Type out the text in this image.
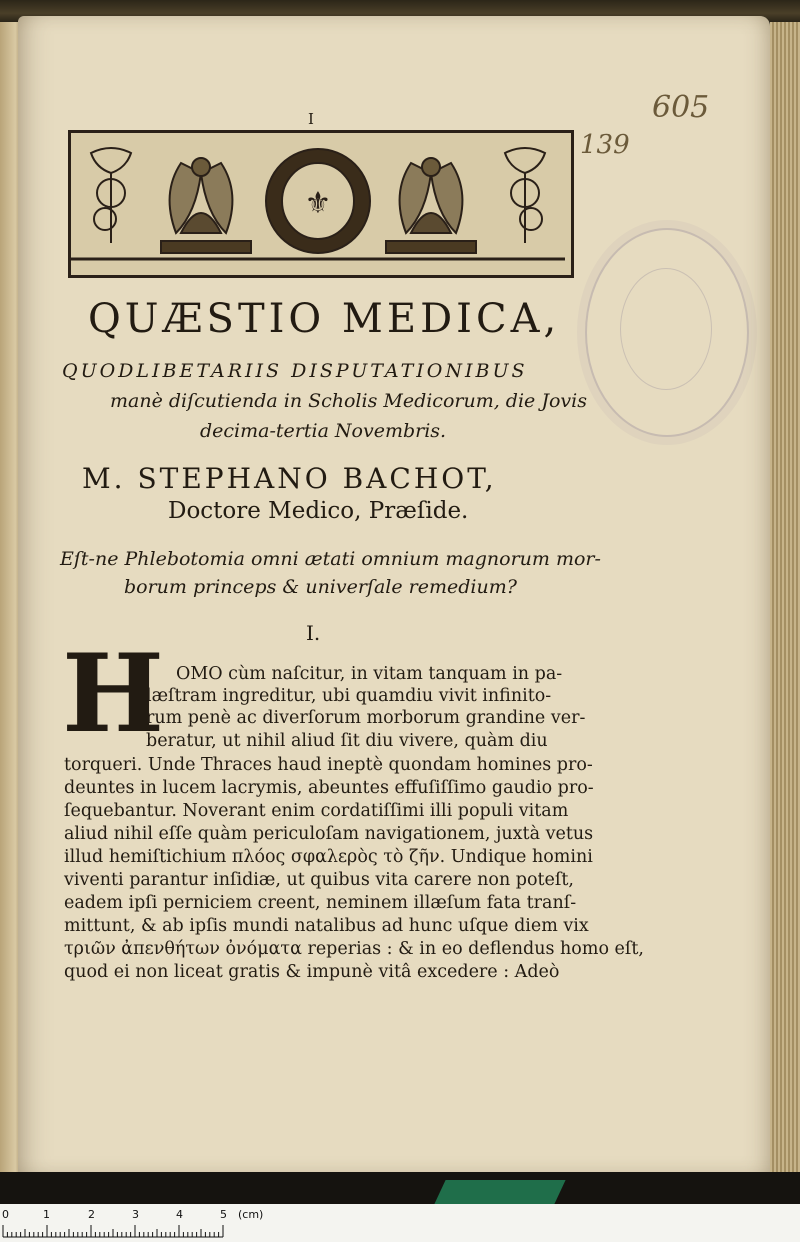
I	605
139
⚜
QUÆSTIO MEDICA,
QUODLIBETARIIS DISPUTATIONIBUS
manè diſcutienda in Scholis Medicorum, die Jovis
decima-tertia Novembris.
M. STEPHANO BACHOT,
Doctore Medico, Præſide.
Eſt-ne Phlebotomia omni ætati omnium magnorum mor-
borum princeps & univerſale remedium?
I.
H OMO cùm naſcitur, in vitam tanquam in pa-
læſtram ingreditur, ubi quamdiu vivit infinito-
rum penè ac diverſorum morborum grandine ver-
beratur, ut nihil aliud ſit diu vivere, quàm diu
torqueri. Unde Thraces haud ineptè quondam homines pro-
deuntes in lucem lacrymis, abeuntes effuſiſſimo gaudio pro-
ſequebantur. Noverant enim cordatiſſimi illi populi vitam
aliud nihil eſſe quàm periculoſam navigationem, juxtà vetus
illud hemiſtichium πλόος σφαλερὸς τὸ ζῆν. Undique homini
viventi parantur inſidiæ, ut quibus vita carere non poteſt,
eadem ipſi perniciem creent, neminem illæſum fata tranſ-
mittunt, & ab ipſis mundi natalibus ad hunc uſque diem vix
τριῶν ἀπενθήτων ὀνόματα reperias : & in eo deflendus homo eſt,
quod ei non liceat gratis & impunè vitâ excedere : Adeò
0	1	2	3	4	5 (cm)
